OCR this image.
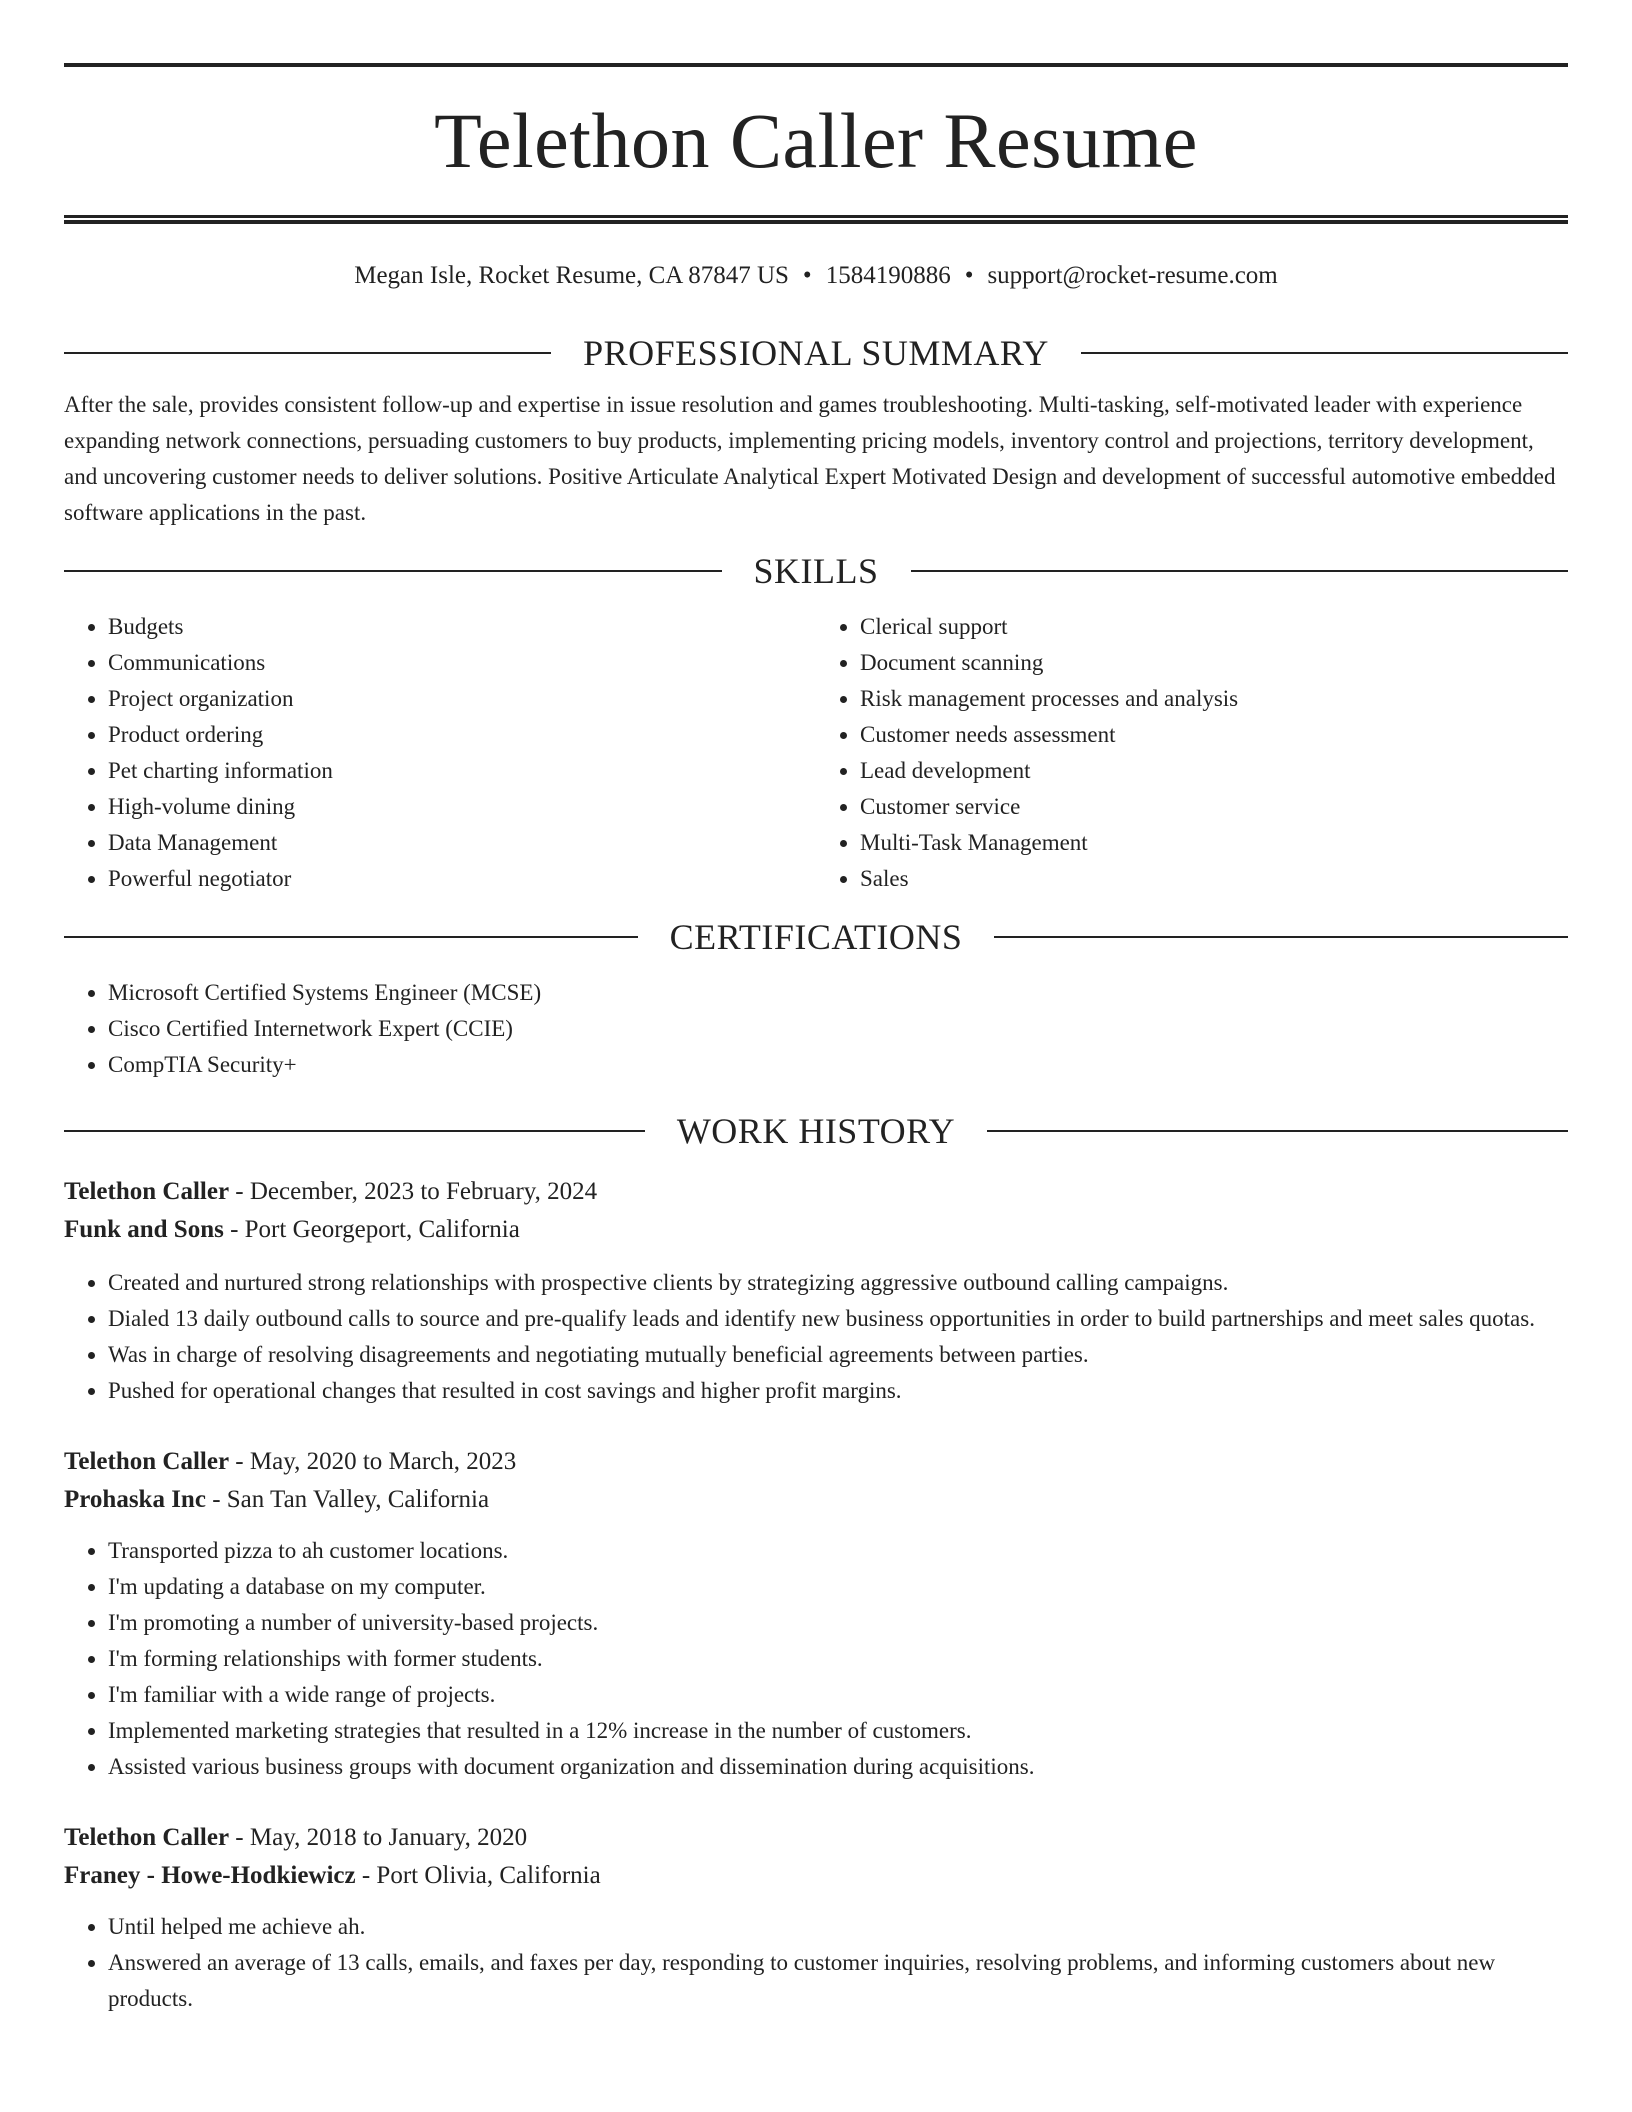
Telethon Caller Resume
Megan Isle, Rocket Resume, CA 87847 US • 1584190886 • support@rocket-resume.com
PROFESSIONAL SUMMARY

After the sale, provides consistent follow-up and expertise in issue resolution and games troubleshooting. Multi-tasking, self-motivated leader with experience expanding network connections, persuading customers to buy products, implementing pricing models, inventory control and projections, territory development, and uncovering customer needs to deliver solutions. Positive Articulate Analytical Expert Motivated Design and development of successful automotive embedded software applications in the past.

SKILLS
• Budgets
• Communications
• Project organization
• Product ordering
• Pet charting information
• High-volume dining
• Data Management
• Powerful negotiator
• Clerical support
• Document scanning
• Risk management processes and analysis
• Customer needs assessment
• Lead development
• Customer service
• Multi-Task Management
• Sales
CERTIFICATIONS
• Microsoft Certified Systems Engineer (MCSE)
• Cisco Certified Internetwork Expert (CCIE)
• CompTIA Security+
WORK HISTORY
Telethon Caller - December, 2023 to February, 2024
Funk and Sons - Port Georgeport, California
• Created and nurtured strong relationships with prospective clients by strategizing aggressive outbound calling campaigns.
• Dialed 13 daily outbound calls to source and pre-qualify leads and identify new business opportunities in order to build partnerships and meet sales quotas.
• Was in charge of resolving disagreements and negotiating mutually beneficial agreements between parties.
• Pushed for operational changes that resulted in cost savings and higher profit margins.
Telethon Caller - May, 2020 to March, 2023
Prohaska Inc - San Tan Valley, California
• Transported pizza to ah customer locations.
• I'm updating a database on my computer.
• I'm promoting a number of university-based projects.
• I'm forming relationships with former students.
• I'm familiar with a wide range of projects.
• Implemented marketing strategies that resulted in a 12% increase in the number of customers.
• Assisted various business groups with document organization and dissemination during acquisitions.
Telethon Caller - May, 2018 to January, 2020
Franey - Howe-Hodkiewicz - Port Olivia, California
• Until helped me achieve ah.
• Answered an average of 13 calls, emails, and faxes per day, responding to customer inquiries, resolving problems, and informing customers about new products.
